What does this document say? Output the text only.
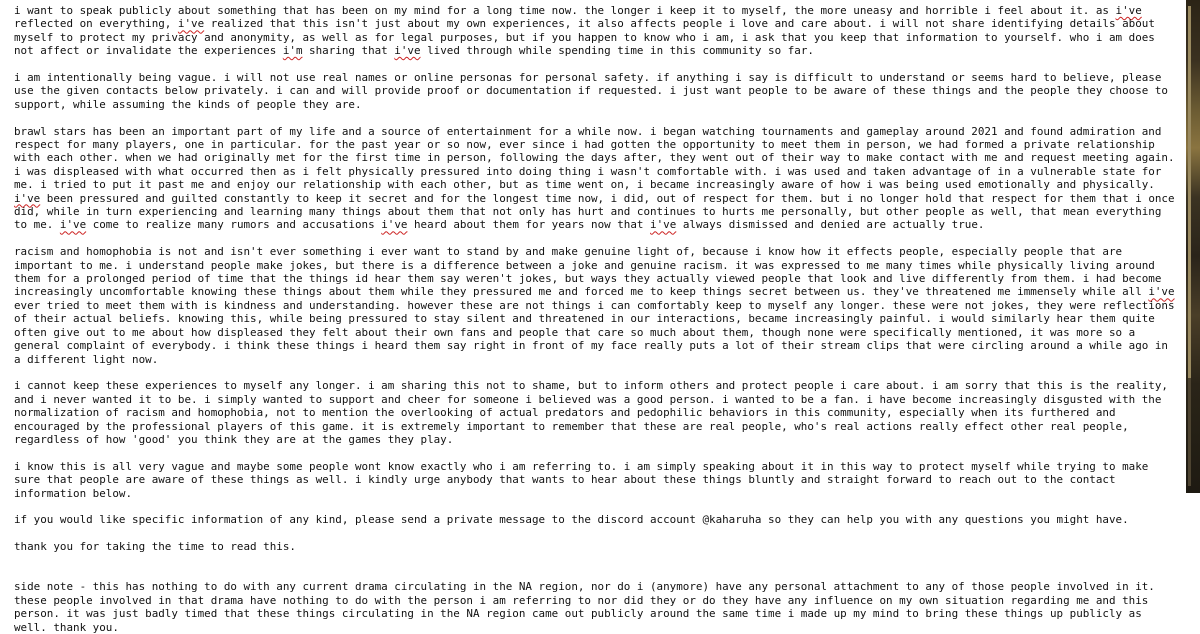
i want to speak publicly about something that has been on my mind for a long time now. the longer i keep it to myself, the more uneasy and horrible i feel about it. as i've reflected on everything, i've realized that this isn't just about my own experiences, it also affects people i love and care about. i will not share identifying details about myself to protect my privacy and anonymity, as well as for legal purposes, but if you happen to know who i am, i ask that you keep that information to yourself. who i am does not affect or invalidate the experiences i'm sharing that i've lived through while spending time in this community so far.
i am intentionally being vague. i will not use real names or online personas for personal safety. if anything i say is difficult to understand or seems hard to believe, please use the given contacts below privately. i can and will provide proof or documentation if requested. i just want people to be aware of these things and the people they choose to support, while assuming the kinds of people they are.
brawl stars has been an important part of my life and a source of entertainment for a while now. i began watching tournaments and gameplay around 2021 and found admiration and respect for many players, one in particular. for the past year or so now, ever since i had gotten the opportunity to meet them in person, we had formed a private relationship with each other. when we had originally met for the first time in person, following the days after, they went out of their way to make contact with me and request meeting again. i was displeased with what occurred then as i felt physically pressured into doing thing i wasn't comfortable with. i was used and taken advantage of in a vulnerable state for me. i tried to put it past me and enjoy our relationship with each other, but as time went on, i became increasingly aware of how i was being used emotionally and physically. i've been pressured and guilted constantly to keep it secret and for the longest time now, i did, out of respect for them. but i no longer hold that respect for them that i once did, while in turn experiencing and learning many things about them that not only has hurt and continues to hurts me personally, but other people as well, that mean everything to me. i've come to realize many rumors and accusations i've heard about them for years now that i've always dismissed and denied are actually true.
racism and homophobia is not and isn't ever something i ever want to stand by and make genuine light of, because i know how it effects people, especially people that are important to me. i understand people make jokes, but there is a difference between a joke and genuine racism. it was expressed to me many times while physically living around them for a prolonged period of time that the things id hear them say weren't jokes, but ways they actually viewed people that look and live differently from them. i had become increasingly uncomfortable knowing these things about them while they pressured me and forced me to keep things secret between us. they've threatened me immensely while all i've ever tried to meet them with is kindness and understanding. however these are not things i can comfortably keep to myself any longer. these were not jokes, they were reflections of their actual beliefs. knowing this, while being pressured to stay silent and threatened in our interactions, became increasingly painful. i would similarly hear them quite often give out to me about how displeased they felt about their own fans and people that care so much about them, though none were specifically mentioned, it was more so a general complaint of everybody. i think these things i heard them say right in front of my face really puts a lot of their stream clips that were circling around a while ago in a different light now.
i cannot keep these experiences to myself any longer. i am sharing this not to shame, but to inform others and protect people i care about. i am sorry that this is the reality, and i never wanted it to be. i simply wanted to support and cheer for someone i believed was a good person. i wanted to be a fan. i have become increasingly disgusted with the normalization of racism and homophobia, not to mention the overlooking of actual predators and pedophilic behaviors in this community, especially when its furthered and encouraged by the professional players of this game. it is extremely important to remember that these are real people, who's real actions really effect other real people, regardless of how 'good' you think they are at the games they play.
i know this is all very vague and maybe some people wont know exactly who i am referring to. i am simply speaking about it in this way to protect myself while trying to make sure that people are aware of these things as well. i kindly urge anybody that wants to hear about these things bluntly and straight forward to reach out to the contact information below.
if you would like specific information of any kind, please send a private message to the discord account @kaharuha so they can help you with any questions you might have.
thank you for taking the time to read this.
side note - this has nothing to do with any current drama circulating in the NA region, nor do i (anymore) have any personal attachment to any of those people involved in it. these people involved in that drama have nothing to do with the person i am referring to nor did they or do they have any influence on my own situation regarding me and this person. it was just badly timed that these things circulating in the NA region came out publicly around the same time i made up my mind to bring these things up publicly as well. thank you.
